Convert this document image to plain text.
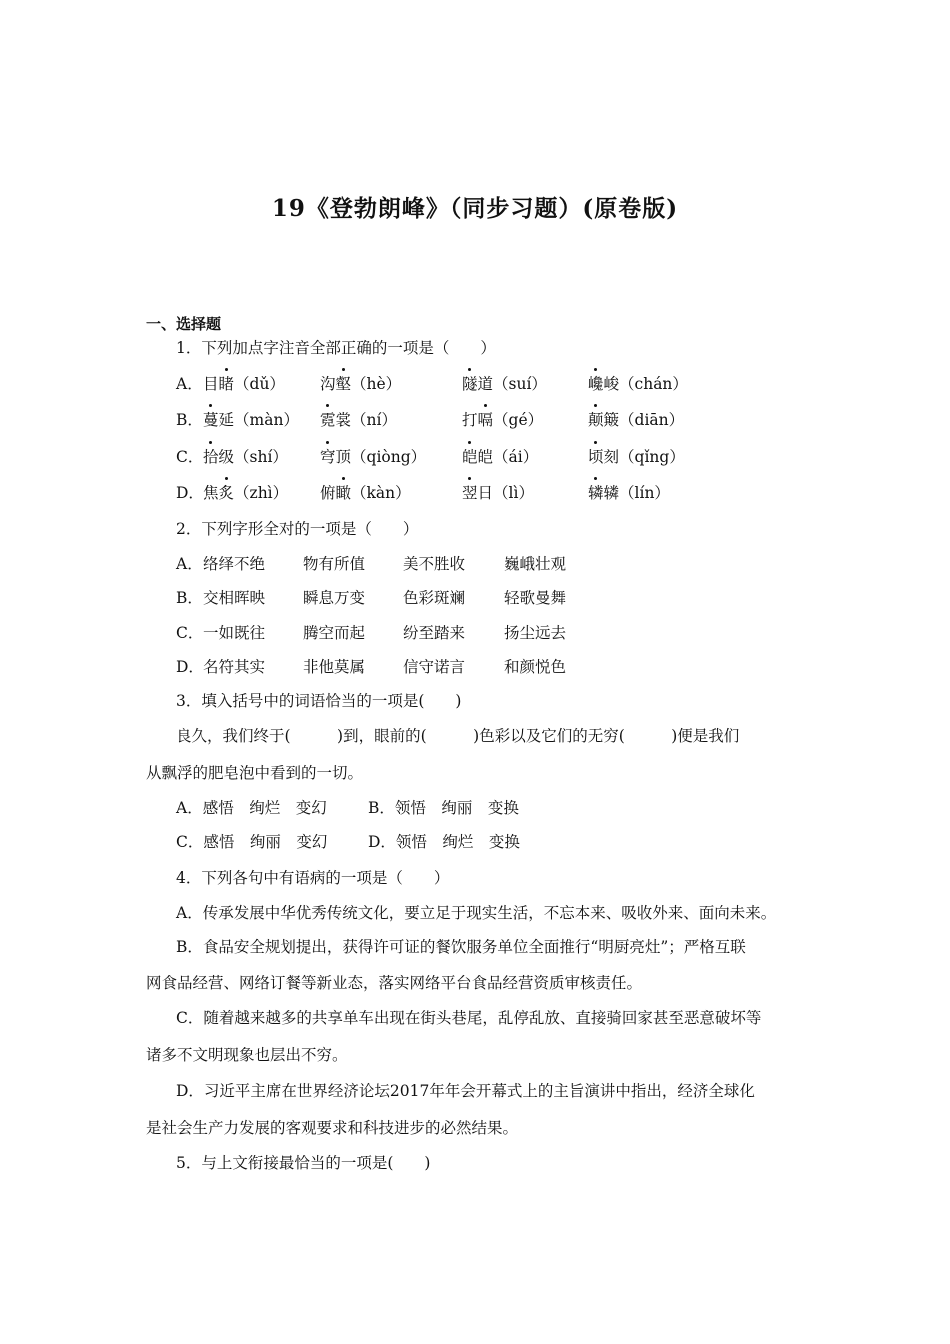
19《登勃朗峰》（同步习题）(原卷版)
一、选择题
1．下列加点字注音全部正确的一项是（　　）
A． 目睹（dǔ） 沟壑（hè）	隧道（suí）	巉峻（chán）
B． 蔓延（màn） 霓裳（ní）	打嗝（gé）	颠簸（diān）
C． 拾级（shí） 穹顶（qiòng） 皑皑（ái）	顷刻（qǐng）
D． 焦炙（zhì） 俯瞰（kàn）	翌日（lì）	辚辚（lín）
2．下列字形全对的一项是（　　）
A． 络绎不绝 物有所值 美不胜收	巍峨壮观
B． 交相晖映 瞬息万变 色彩斑斓	轻歌曼舞
C． 一如既往 腾空而起 纷至踏来	扬尘远去
D． 名符其实 非他莫属 信守诺言	和颜悦色
3．填入括号中的词语恰当的一项是(　　)
良久，我们终于(　　　)到，眼前的(　　　)色彩以及它们的无穷(　　　)便是我们
从飘浮的肥皂泡中看到的一切。
A．感悟　绚烂　变幻	B．领悟　绚丽　变换
C．感悟　绚丽　变幻	D．领悟　绚烂　变换
4．下列各句中有语病的一项是（　　）
A．传承发展中华优秀传统文化，要立足于现实生活，不忘本来、吸收外来、面向未来。
B．食品安全规划提出，获得许可证的餐饮服务单位全面推行“明厨亮灶”；严格互联
网食品经营、网络订餐等新业态，落实网络平台食品经营资质审核责任。
C．随着越来越多的共享单车出现在街头巷尾，乱停乱放、直接骑回家甚至恶意破坏等
诸多不文明现象也层出不穷。
D．习近平主席在世界经济论坛2017年年会开幕式上的主旨演讲中指出，经济全球化
是社会生产力发展的客观要求和科技进步的必然结果。
5．与上文衔接最恰当的一项是(　　)
